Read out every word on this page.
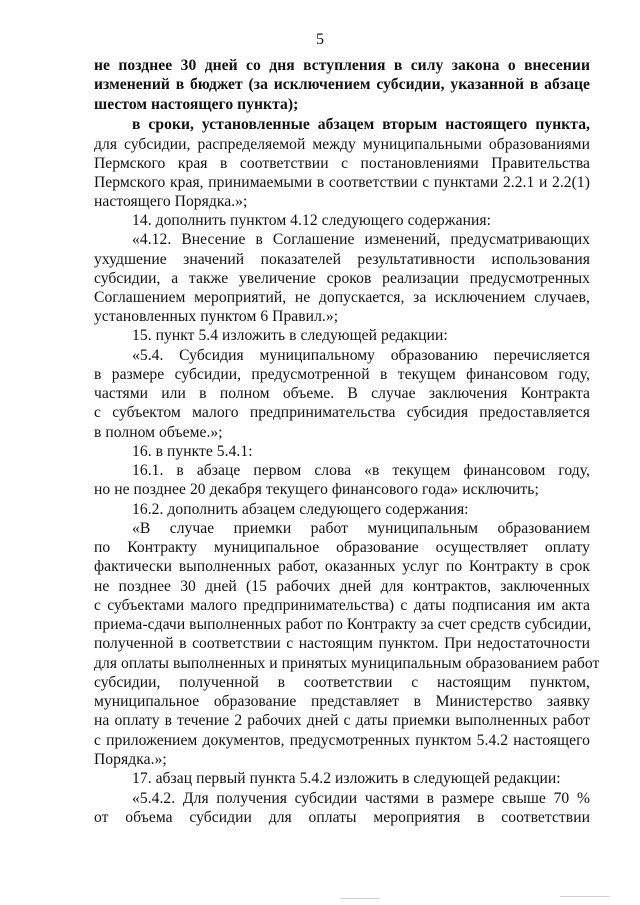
5
не позднее 30 дней со дня вступления в силу закона о внесении
изменений в бюджет (за исключением субсидии, указанной в абзаце
шестом настоящего пункта);
в сроки, установленные абзацем вторым настоящего пункта,
для субсидии, распределяемой между муниципальными образованиями
Пермского края в соответствии с постановлениями Правительства
Пермского края, принимаемыми в соответствии с пунктами 2.2.1 и 2.2(1)
настоящего Порядка.»;
14. дополнить пунктом 4.12 следующего содержания:
«4.12. Внесение в Соглашение изменений, предусматривающих
ухудшение значений показателей результативности использования
субсидии, а также увеличение сроков реализации предусмотренных
Соглашением мероприятий, не допускается, за исключением случаев,
установленных пунктом 6 Правил.»;
15. пункт 5.4 изложить в следующей редакции:
«5.4. Субсидия муниципальному образованию перечисляется
в размере субсидии, предусмотренной в текущем финансовом году,
частями или в полном объеме. В случае заключения Контракта
с субъектом малого предпринимательства субсидия предоставляется
в полном объеме.»;
16. в пункте 5.4.1:
16.1. в абзаце первом слова «в текущем финансовом году,
но не позднее 20 декабря текущего финансового года» исключить;
16.2. дополнить абзацем следующего содержания:
«В случае приемки работ муниципальным образованием
по Контракту муниципальное образование осуществляет оплату
фактически выполненных работ, оказанных услуг по Контракту в срок
не позднее 30 дней (15 рабочих дней для контрактов, заключенных
с субъектами малого предпринимательства) с даты подписания им акта
приема-сдачи выполненных работ по Контракту за счет средств субсидии,
полученной в соответствии с настоящим пунктом. При недостаточности
для оплаты выполненных и принятых муниципальным образованием работ
субсидии, полученной в соответствии с настоящим пунктом,
муниципальное образование представляет в Министерство заявку
на оплату в течение 2 рабочих дней с даты приемки выполненных работ
с приложением документов, предусмотренных пунктом 5.4.2 настоящего
Порядка.»;
17. абзац первый пункта 5.4.2 изложить в следующей редакции:
«5.4.2. Для получения субсидии частями в размере свыше 70 %
от объема субсидии для оплаты мероприятия в соответствии
